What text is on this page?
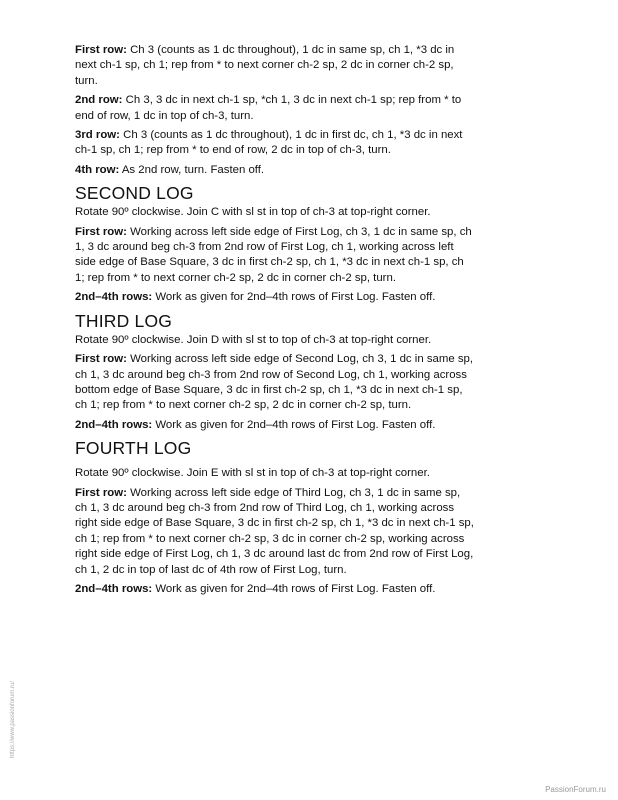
First row: Ch 3 (counts as 1 dc throughout), 1 dc in same sp, ch 1, *3 dc in next ch-1 sp, ch 1; rep from * to next corner ch-2 sp, 2 dc in corner ch-2 sp, turn.

2nd row: Ch 3, 3 dc in next ch-1 sp, *ch 1, 3 dc in next ch-1 sp; rep from * to end of row, 1 dc in top of ch-3, turn.

3rd row: Ch 3 (counts as 1 dc throughout), 1 dc in first dc, ch 1, *3 dc in next ch-1 sp, ch 1; rep from * to end of row, 2 dc in top of ch-3, turn.

4th row: As 2nd row, turn. Fasten off.

SECOND LOG

Rotate 90º clockwise. Join C with sl st in top of ch-3 at top-right corner.

First row: Working across left side edge of First Log, ch 3, 1 dc in same sp, ch 1, 3 dc around beg ch-3 from 2nd row of First Log, ch 1, working across left side edge of Base Square, 3 dc in first ch-2 sp, ch 1, *3 dc in next ch-1 sp, ch 1; rep from * to next corner ch-2 sp, 2 dc in corner ch-2 sp, turn.

2nd–4th rows: Work as given for 2nd–4th rows of First Log. Fasten off.

THIRD LOG

Rotate 90º clockwise. Join D with sl st to top of ch-3 at top-right corner.

First row: Working across left side edge of Second Log, ch 3, 1 dc in same sp, ch 1, 3 dc around beg ch-3 from 2nd row of Second Log, ch 1, working across bottom edge of Base Square, 3 dc in first ch-2 sp, ch 1, *3 dc in next ch-1 sp, ch 1; rep from * to next corner ch-2 sp, 2 dc in corner ch-2 sp, turn.

2nd–4th rows: Work as given for 2nd–4th rows of First Log. Fasten off.

FOURTH LOG

Rotate 90º clockwise. Join E with sl st in top of ch-3 at top-right corner.

First row: Working across left side edge of Third Log, ch 3, 1 dc in same sp, ch 1, 3 dc around beg ch-3 from 2nd row of Third Log, ch 1, working across right side edge of Base Square, 3 dc in first ch-2 sp, ch 1, *3 dc in next ch-1 sp, ch 1; rep from * to next corner ch-2 sp, 3 dc in corner ch-2 sp, working across right side edge of First Log, ch 1, 3 dc around last dc from 2nd row of First Log, ch 1, 2 dc in top of last dc of 4th row of First Log, turn.

2nd–4th rows: Work as given for 2nd–4th rows of First Log. Fasten off.

https://www.passionforum.ru/
PassionForum.ru
